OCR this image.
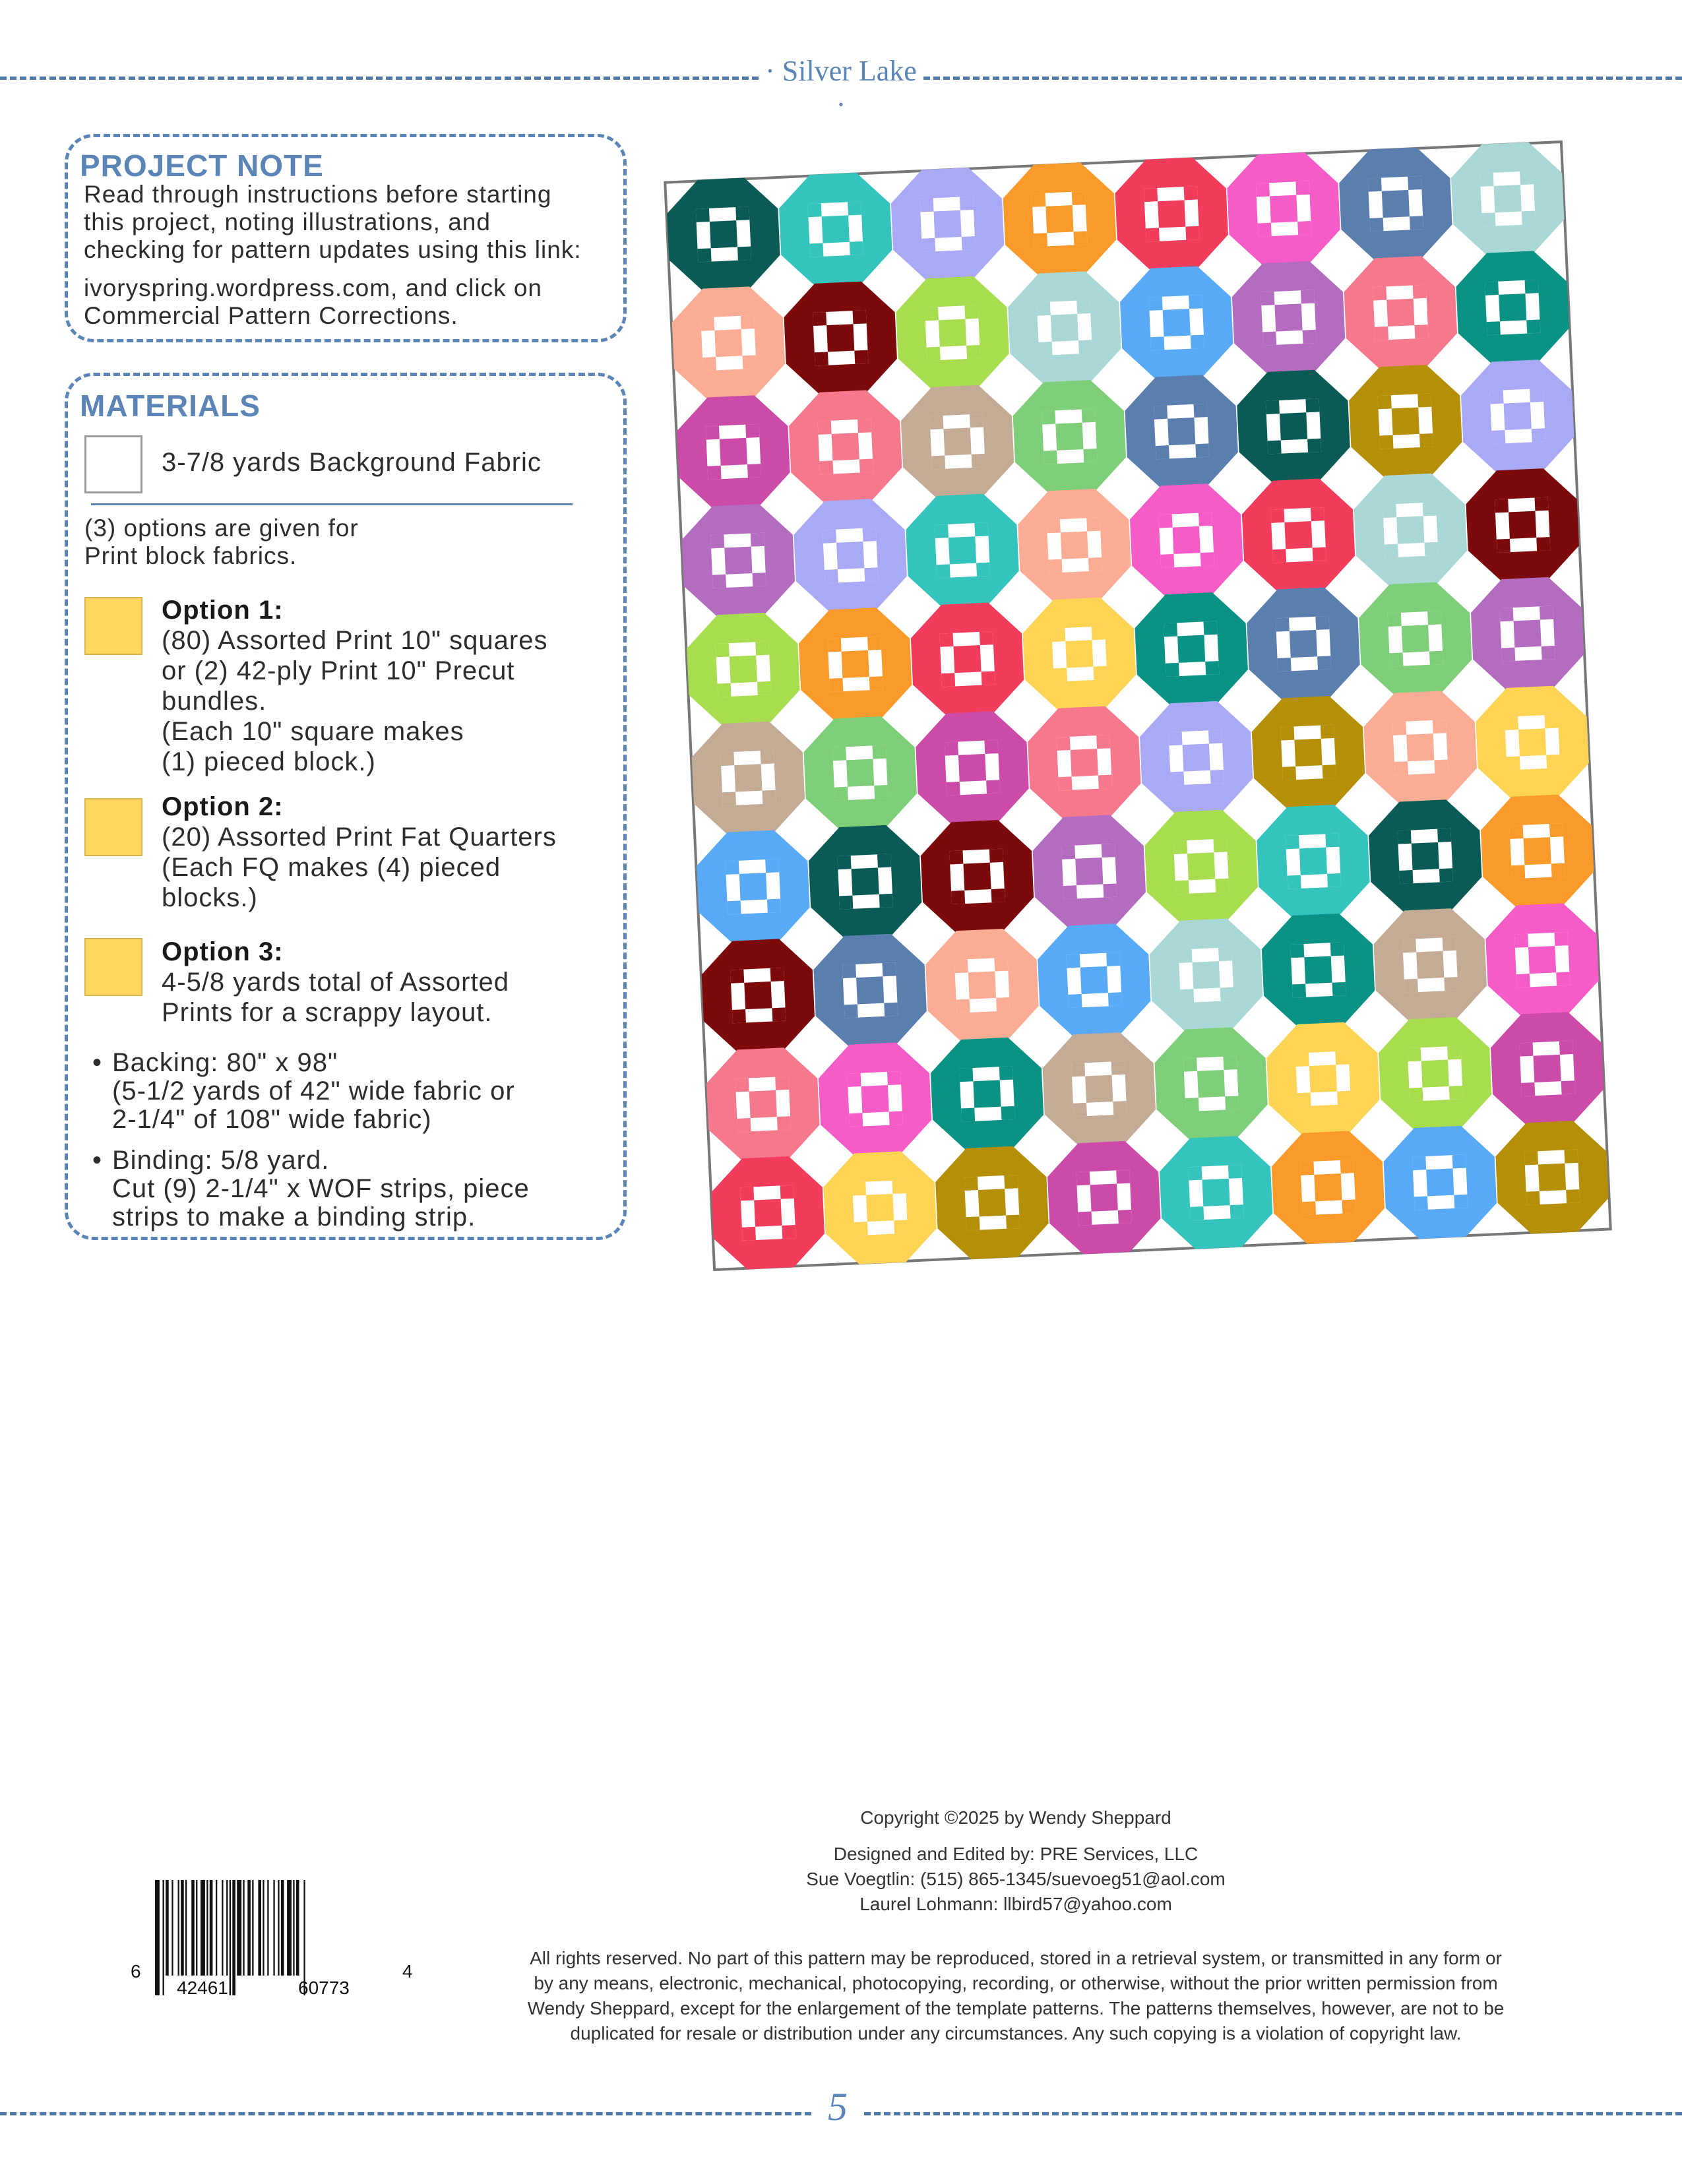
· Silver Lake ·
PROJECT NOTE
Read through instructions before starting
this project, noting illustrations, and
checking for pattern updates using this link:
ivoryspring.wordpress.com, and click on
Commercial Pattern Corrections.
MATERIALS
3-7/8 yards Background Fabric
(3) options are given for
Print block fabrics.
Option 1:
(80) Assorted Print 10" squares
or (2) 42-ply Print 10" Precut
bundles.
(Each 10" square makes
(1) pieced block.)
Option 2:
(20) Assorted Print Fat Quarters
(Each FQ makes (4) pieced
blocks.)
Option 3:
4-5/8 yards total of Assorted
Prints for a scrappy layout.
• Backing: 80" x 98"
(5-1/2 yards of 42" wide fabric or
2-1/4" of 108" wide fabric)
• Binding: 5/8 yard.
Cut (9) 2-1/4" x WOF strips, piece
strips to make a binding strip.
Copyright ©2025 by Wendy Sheppard
Designed and Edited by: PRE Services, LLC
Sue Voegtlin: (515) 865-1345/suevoeg51@aol.com
Laurel Lohmann: llbird57@yahoo.com
All rights reserved. No part of this pattern may be reproduced, stored in a retrieval system, or transmitted in any form or
by any means, electronic, mechanical, photocopying, recording, or otherwise, without the prior written permission from
Wendy Sheppard, except for the enlargement of the template patterns. The patterns themselves, however, are not to be
duplicated for resale or distribution under any circumstances. Any such copying is a violation of copyright law.
6
42461	60773
4
5
